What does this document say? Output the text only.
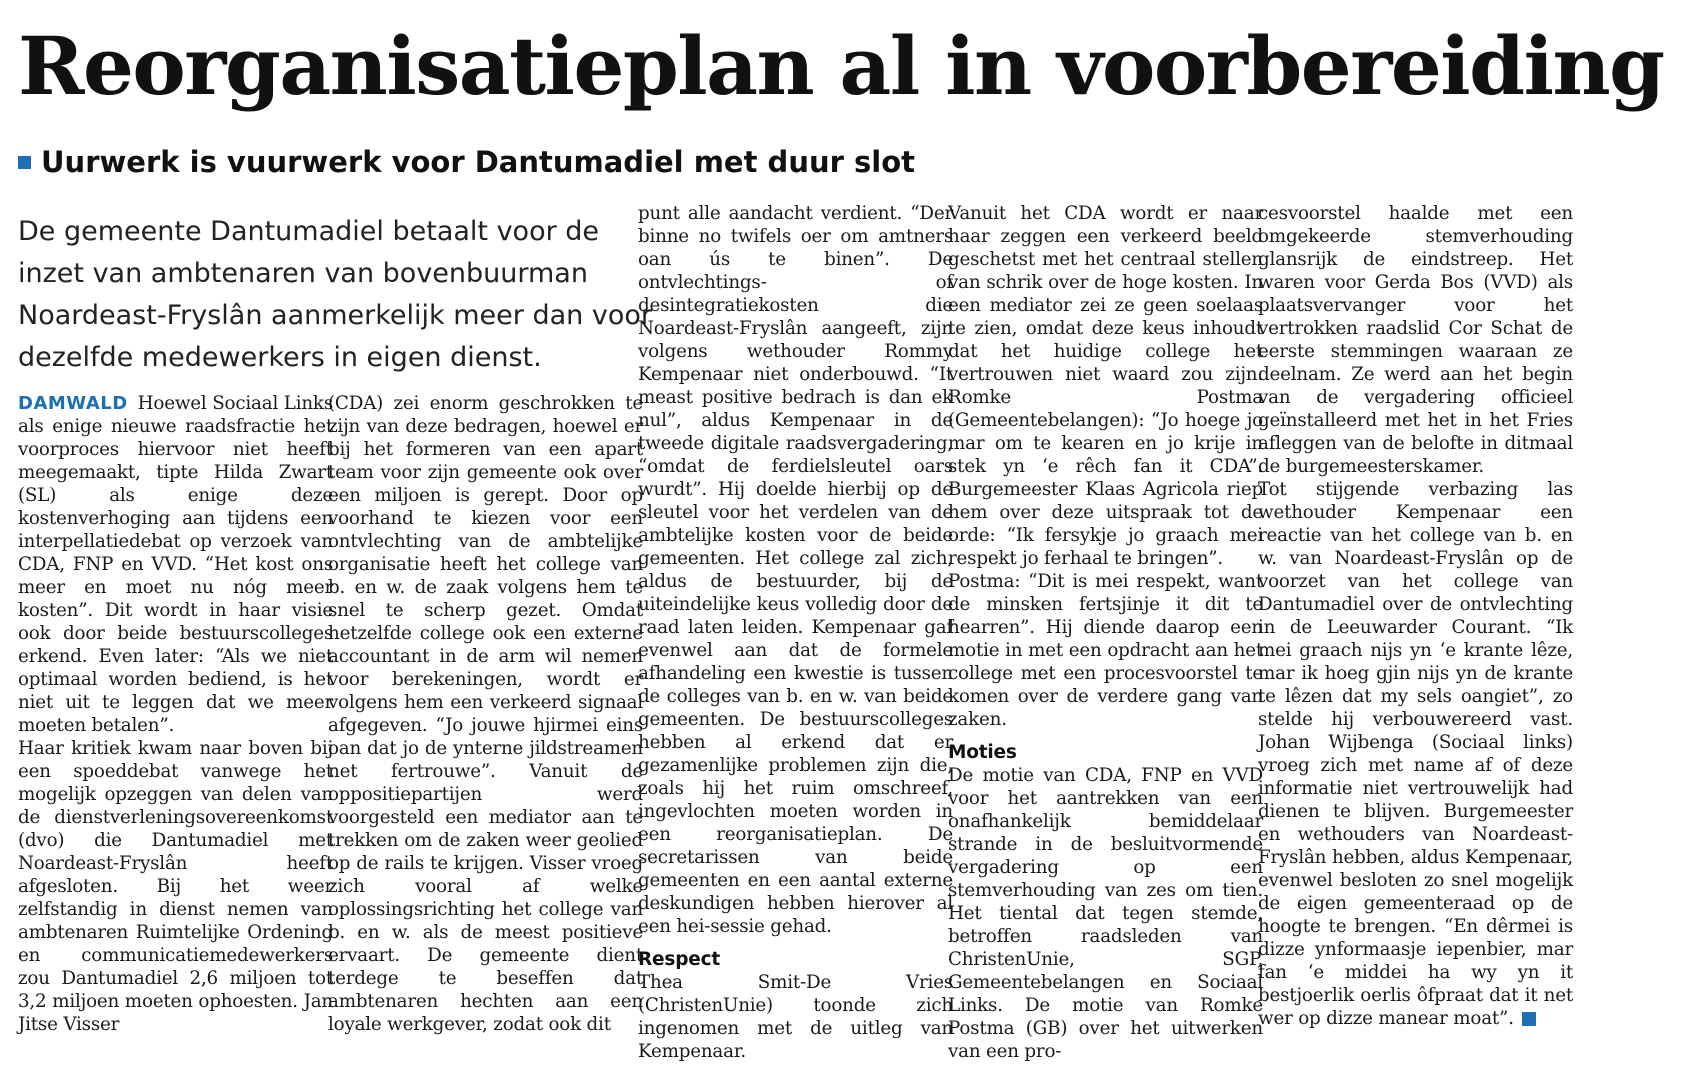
Reorganisatieplan al in voorbereiding
Uurwerk is vuurwerk voor Dantumadiel met duur slot

De gemeente Dantumadiel betaalt voor de inzet van ambtenaren van bovenbuurman Noardeast-Fryslân aanmerkelijk meer dan voor dezelfde medewerkers in eigen dienst.

DAMWALD Hoewel Sociaal Links als enige nieuwe raadsfractie het voorproces hiervoor niet heeft meegemaakt, tipte Hilda Zwart (SL) als enige deze kostenverhoging aan tijdens een interpellatiedebat op verzoek van CDA, FNP en VVD. “Het kost ons meer en moet nu nóg meer kosten”. Dit wordt in haar visie ook door beide bestuurscolleges erkend. Even later: “Als we niet optimaal worden bediend, is het niet uit te leggen dat we meer moeten betalen”.

Haar kritiek kwam naar boven bij een spoeddebat vanwege het mogelijk opzeggen van delen van de dienstverleningsovereenkomst (dvo) die Dantumadiel met Noardeast-Fryslân heeft afgesloten. Bij het weer zelfstandig in dienst nemen van ambtenaren Ruimtelijke Ordening en communicatiemedewerkers zou Dantumadiel 2,6 miljoen tot 3,2 miljoen moeten ophoesten. Jan Jitse Visser

(CDA) zei enorm geschrokken te zijn van deze bedragen, hoewel er bij het formeren van een apart team voor zijn gemeente ook over een miljoen is gerept. Door op voorhand te kiezen voor een ontvlechting van de ambtelijke organisatie heeft het college van b. en w. de zaak volgens hem te snel te scherp gezet. Omdat hetzelfde college ook een externe accountant in de arm wil nemen voor berekeningen, wordt er volgens hem een verkeerd signaal afgegeven. “Jo jouwe hjirmei eins oan dat jo de ynterne jildstreamen net fertrouwe”. Vanuit de oppositiepartijen werd voorgesteld een mediator aan te trekken om de zaken weer geolied op de rails te krijgen. Visser vroeg zich vooral af welke oplossingsrichting het college van b. en w. als de meest positieve ervaart. De gemeente dient terdege te beseffen dat ambtenaren hechten aan een loyale werkgever, zodat ook dit

punt alle aandacht verdient. “Der binne no twifels oer om amtners oan ús te binen”. De ontvlechtings- of desintegratiekosten die Noardeast-Fryslân aangeeft, zijn volgens wethouder Rommy Kempenaar niet onderbouwd. “It meast positive bedrach is dan ek nul”, aldus Kempenaar in de tweede digitale raadsvergadering, “omdat de ferdielsleutel oars wurdt”. Hij doelde hierbij op de sleutel voor het verdelen van de ambtelijke kosten voor de beide gemeenten. Het college zal zich, aldus de bestuurder, bij de uiteindelijke keus volledig door de raad laten leiden. Kempenaar gaf evenwel aan dat de formele afhandeling een kwestie is tussen de colleges van b. en w. van beide gemeenten. De bestuurscolleges hebben al erkend dat er gezamenlijke problemen zijn die, zoals hij het ruim omschreef, ingevlochten moeten worden in een reorganisatieplan. De secretarissen van beide gemeenten en een aantal externe deskundigen hebben hierover al een hei-sessie gehad.

Respect

Thea Smit-De Vries (ChristenUnie) toonde zich ingenomen met de uitleg van Kempenaar.

Vanuit het CDA wordt er naar haar zeggen een verkeerd beeld geschetst met het centraal stellen van schrik over de hoge kosten. In een mediator zei ze geen soelaas te zien, omdat deze keus inhoudt dat het huidige college het vertrouwen niet waard zou zijn. Romke Postma (Gemeentebelangen): “Jo hoege jo mar om te kearen en jo krije in stek yn ‘e rêch fan it CDA”. Burgemeester Klaas Agricola riep hem over deze uitspraak tot de orde: “Ik fersykje jo graach mei respekt jo ferhaal te bringen”.

Postma: “Dit is mei respekt, want de minsken fertsjinje it dit te hearren”. Hij diende daarop een motie in met een opdracht aan het college met een procesvoorstel te komen over de verdere gang van zaken.

Moties

De motie van CDA, FNP en VVD voor het aantrekken van een onafhankelijk bemiddelaar strande in de besluitvormende vergadering op een stemverhouding van zes om tien. Het tiental dat tegen stemde, betroffen raadsleden van ChristenUnie, SGP, Gemeentebelangen en Sociaal Links. De motie van Romke Postma (GB) over het uitwerken van een pro-

cesvoorstel haalde met een omgekeerde stemverhouding glansrijk de eindstreep. Het waren voor Gerda Bos (VVD) als plaatsvervanger voor het vertrokken raadslid Cor Schat de eerste stemmingen waaraan ze deelnam. Ze werd aan het begin van de vergadering officieel geïnstalleerd met het in het Fries afleggen van de belofte in ditmaal de burgemeesterskamer.

Tot stijgende verbazing las wethouder Kempenaar een reactie van het college van b. en w. van Noardeast-Fryslân op de voorzet van het college van Dantumadiel over de ontvlechting in de Leeuwarder Courant. “Ik mei graach nijs yn ‘e krante lêze, mar ik hoeg gjin nijs yn de krante te lêzen dat my sels oangiet”, zo stelde hij verbouwereerd vast. Johan Wijbenga (Sociaal links) vroeg zich met name af of deze informatie niet vertrouwelijk had dienen te blijven. Burgemeester en wethouders van Noardeast-Fryslân hebben, aldus Kempenaar, evenwel besloten zo snel mogelijk de eigen gemeenteraad op de hoogte te brengen. “En dêrmei is dizze ynformaasje iepenbier, mar fan ‘e middei ha wy yn it bestjoerlik oerlis ôfpraat dat it net wer op dizze manear moat”.
